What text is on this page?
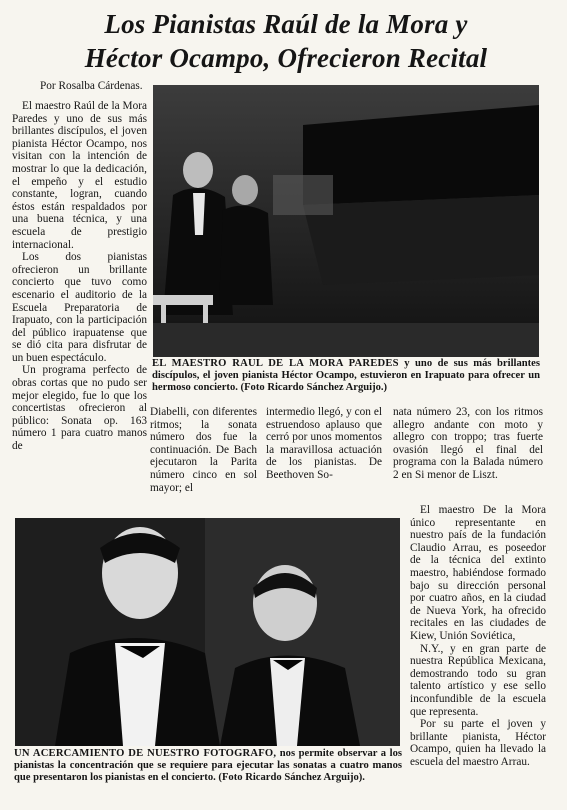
Los Pianistas Raúl de la Mora y
Héctor Ocampo, Ofrecieron Recital
Por Rosalba Cárdenas.

El maestro Raúl de la Mora Paredes y uno de sus más brillantes discípulos, el joven pianista Héctor Ocampo, nos visitan con la intención de mostrar lo que la dedicación, el empeño y el estudio constante, logran, cuando éstos están respaldados por una buena técnica, y una escuela de prestigio internacional.

Los dos pianistas ofrecieron un brillante concierto que tuvo como escenario el auditorio de la Escuela Preparatoria de Irapuato, con la participación del público irapuatense que se dió cita para disfrutar de un buen espectáculo.

Un programa perfecto de obras cortas que no pudo ser mejor elegido, fue lo que los concertistas ofrecieron al público: Sonata op. 163 número 1 para cuatro manos de

EL MAESTRO RAUL DE LA MORA PAREDES y uno de sus más brillantes discípulos, el joven pianista Héctor Ocampo, estuvieron en Irapuato para ofrecer un hermoso concierto. (Foto Ricardo Sánchez Arguijo.)
Diabelli, con diferentes ritmos; la sonata número dos fue la continuación. De Bach ejecutaron la Parita número cinco en sol mayor; el
intermedio llegó, y con el estruendoso aplauso que cerró por unos momentos la maravillosa actuación de los pianistas. De Beethoven So-
nata número 23, con los ritmos allegro andante con moto y allegro con troppo; tras fuerte ovasión llegó el final del programa con la Balada número 2 en Si menor de Liszt.
UN ACERCAMIENTO DE NUESTRO FOTOGRAFO, nos permite observar a los pianistas la concentración que se requiere para ejecutar las sonatas a cuatro manos que presentaron los pianistas en el concierto. (Foto Ricardo Sánchez Arguijo).

El maestro De la Mora único representante en nuestro país de la fundación Claudio Arrau, es poseedor de la técnica del extinto maestro, habiéndose formado bajo su dirección personal por cuatro años, en la ciudad de Nueva York, ha ofrecido recitales en las ciudades de Kiew, Unión Soviética,

N.Y., y en gran parte de nuestra República Mexicana, demostrando todo su gran talento artístico y ese sello inconfundible de la escuela que representa.

Por su parte el joven y brillante pianista, Héctor Ocampo, quien ha llevado la escuela del maestro Arrau.
